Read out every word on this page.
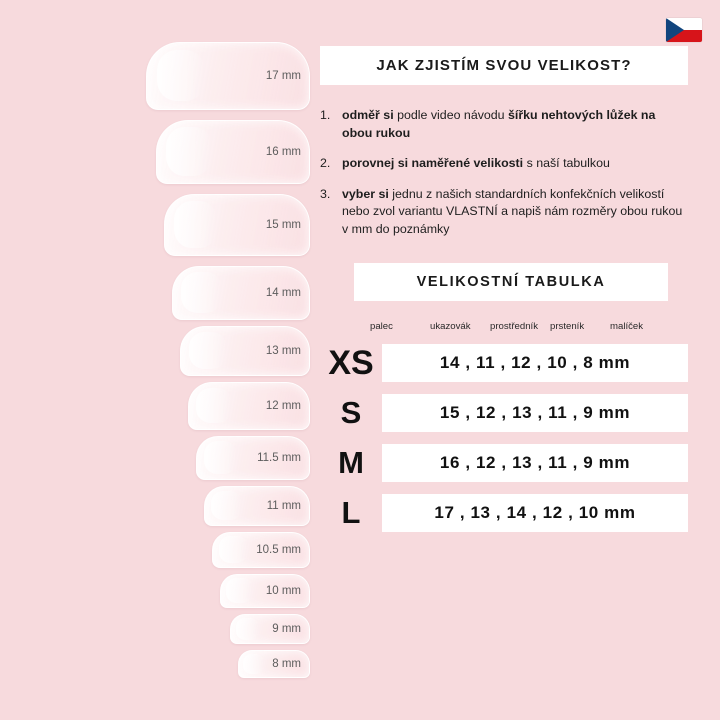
17 mm
16 mm
15 mm
14 mm
13 mm
12 mm
11.5 mm
11 mm
10.5 mm
10 mm
9 mm
8 mm
JAK ZJISTÍM SVOU VELIKOST?
1. odměř si podle video návodu šířku nehtových lůžek na obou rukou
2. porovnej si naměřené velikosti s naší tabulkou
3. vyber si jednu z našich standardních konfekčních velikostí nebo zvol variantu VLASTNÍ a napiš nám rozměry obou rukou v mm do poznámky
VELIKOSTNÍ TABULKA
palec	ukazovák	prostředník	prsteník	malíček
XS	14 , 11 , 12 , 10 , 8 mm
S	15 , 12 , 13 , 11 , 9 mm
M	16 , 12 , 13 , 11 , 9 mm
L	17 , 13 , 14 , 12 , 10 mm
